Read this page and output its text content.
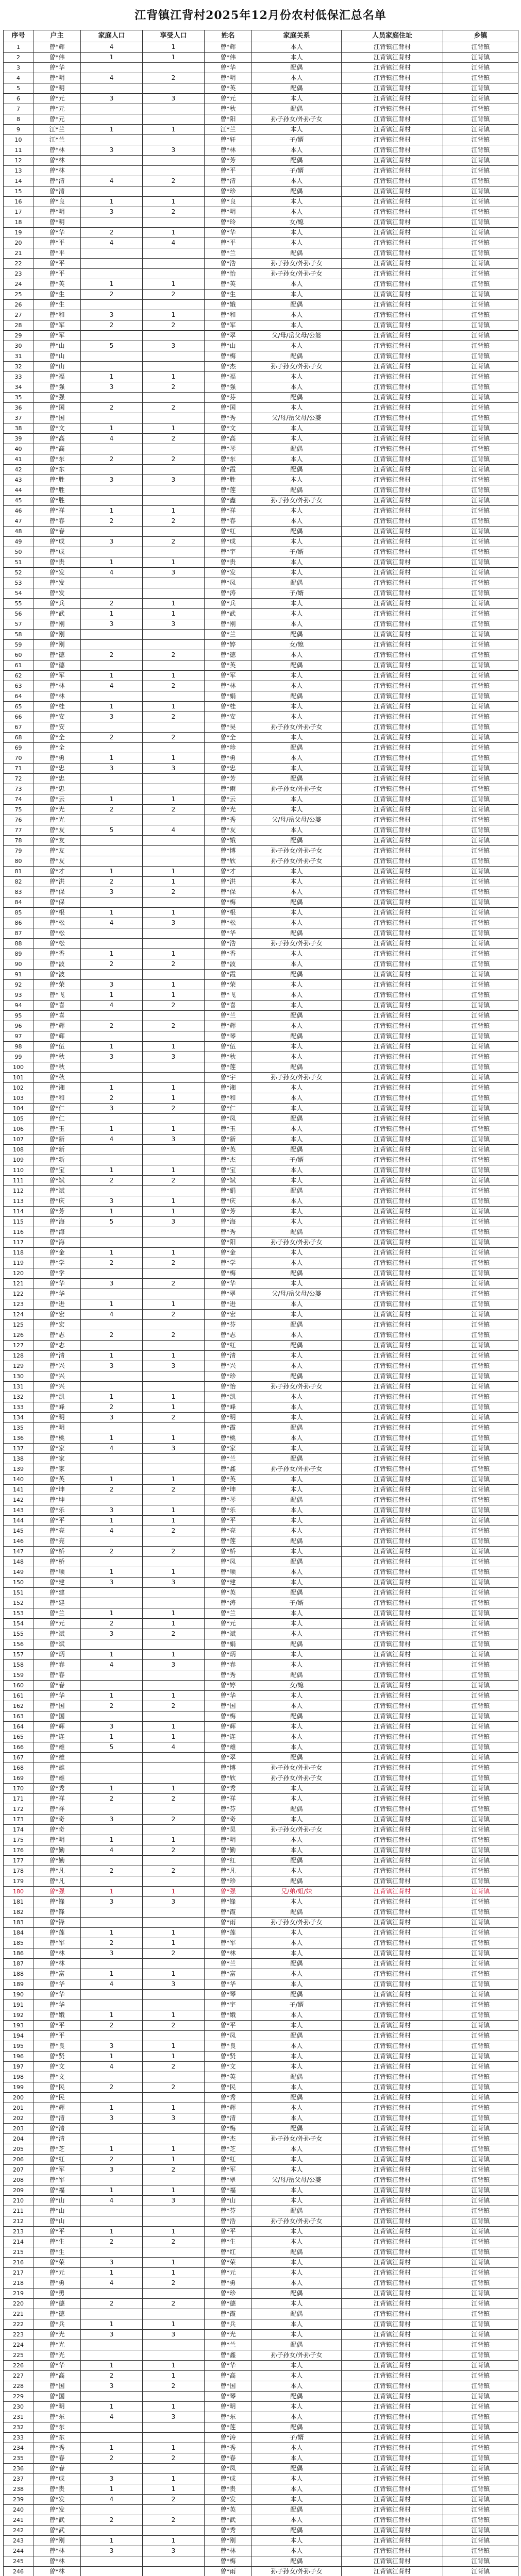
江背镇江背村2025年12月份农村低保汇总名单
序号	户主	家庭人口	享受人口	姓名	家庭关系	人员家庭住址	乡镇
1	曾*辉	4	1	曾*辉	本人	江背镇江背村	江背镇
2	曾*伟	1	1	曾*伟	本人	江背镇江背村	江背镇
3	曾*华			曾*华	配偶	江背镇江背村	江背镇
4	曾*明	4	2	曾*明	本人	江背镇江背村	江背镇
5	曾*明			曾*英	配偶	江背镇江背村	江背镇
6	曾*元	3	3	曾*元	本人	江背镇江背村	江背镇
7	曾*元			曾*秋	配偶	江背镇江背村	江背镇
8	曾*元			曾*阳	孙子孙女/外孙子女	江背镇江背村	江背镇
9	江*兰	1	1	江*兰	本人	江背镇江背村	江背镇
10	江*兰			曾*轩	子/婿	江背镇江背村	江背镇
11	曾*林	3	3	曾*林	本人	江背镇江背村	江背镇
12	曾*林			曾*芳	配偶	江背镇江背村	江背镇
13	曾*林			曾*平	子/婿	江背镇江背村	江背镇
14	曾*清	4	2	曾*清	本人	江背镇江背村	江背镇
15	曾*清			曾*珍	配偶	江背镇江背村	江背镇
16	曾*良	1	1	曾*良	本人	江背镇江背村	江背镇
17	曾*明	3	2	曾*明	本人	江背镇江背村	江背镇
18	曾*明			曾*玲	女/媳	江背镇江背村	江背镇
19	曾*华	2	1	曾*华	本人	江背镇江背村	江背镇
20	曾*平	4	4	曾*平	本人	江背镇江背村	江背镇
21	曾*平			曾*兰	配偶	江背镇江背村	江背镇
22	曾*平			曾*浩	孙子孙女/外孙子女	江背镇江背村	江背镇
23	曾*平			曾*怡	孙子孙女/外孙子女	江背镇江背村	江背镇
24	曾*英	1	1	曾*英	本人	江背镇江背村	江背镇
25	曾*生	2	2	曾*生	本人	江背镇江背村	江背镇
26	曾*生			曾*娥	配偶	江背镇江背村	江背镇
27	曾*和	3	1	曾*和	本人	江背镇江背村	江背镇
28	曾*军	2	2	曾*军	本人	江背镇江背村	江背镇
29	曾*军			曾*翠	父/母/岳父母/公婆	江背镇江背村	江背镇
30	曾*山	5	3	曾*山	本人	江背镇江背村	江背镇
31	曾*山			曾*梅	配偶	江背镇江背村	江背镇
32	曾*山			曾*杰	孙子孙女/外孙子女	江背镇江背村	江背镇
33	曾*福	1	1	曾*福	本人	江背镇江背村	江背镇
34	曾*强	3	2	曾*强	本人	江背镇江背村	江背镇
35	曾*强			曾*芬	配偶	江背镇江背村	江背镇
36	曾*国	2	2	曾*国	本人	江背镇江背村	江背镇
37	曾*国			曾*秀	父/母/岳父母/公婆	江背镇江背村	江背镇
38	曾*文	1	1	曾*文	本人	江背镇江背村	江背镇
39	曾*高	4	2	曾*高	本人	江背镇江背村	江背镇
40	曾*高			曾*琴	配偶	江背镇江背村	江背镇
41	曾*东	2	2	曾*东	本人	江背镇江背村	江背镇
42	曾*东			曾*霞	配偶	江背镇江背村	江背镇
43	曾*胜	3	3	曾*胜	本人	江背镇江背村	江背镇
44	曾*胜			曾*莲	配偶	江背镇江背村	江背镇
45	曾*胜			曾*鑫	孙子孙女/外孙子女	江背镇江背村	江背镇
46	曾*祥	1	1	曾*祥	本人	江背镇江背村	江背镇
47	曾*春	2	2	曾*春	本人	江背镇江背村	江背镇
48	曾*春			曾*红	配偶	江背镇江背村	江背镇
49	曾*成	3	2	曾*成	本人	江背镇江背村	江背镇
50	曾*成			曾*宇	子/婿	江背镇江背村	江背镇
51	曾*贵	1	1	曾*贵	本人	江背镇江背村	江背镇
52	曾*发	4	3	曾*发	本人	江背镇江背村	江背镇
53	曾*发			曾*凤	配偶	江背镇江背村	江背镇
54	曾*发			曾*涛	子/婿	江背镇江背村	江背镇
55	曾*兵	2	1	曾*兵	本人	江背镇江背村	江背镇
56	曾*武	1	1	曾*武	本人	江背镇江背村	江背镇
57	曾*刚	3	3	曾*刚	本人	江背镇江背村	江背镇
58	曾*刚			曾*兰	配偶	江背镇江背村	江背镇
59	曾*刚			曾*婷	女/媳	江背镇江背村	江背镇
60	曾*德	2	2	曾*德	本人	江背镇江背村	江背镇
61	曾*德			曾*英	配偶	江背镇江背村	江背镇
62	曾*军	1	1	曾*军	本人	江背镇江背村	江背镇
63	曾*林	4	2	曾*林	本人	江背镇江背村	江背镇
64	曾*林			曾*娟	配偶	江背镇江背村	江背镇
65	曾*桂	1	1	曾*桂	本人	江背镇江背村	江背镇
66	曾*安	3	2	曾*安	本人	江背镇江背村	江背镇
67	曾*安			曾*昊	孙子孙女/外孙子女	江背镇江背村	江背镇
68	曾*全	2	2	曾*全	本人	江背镇江背村	江背镇
69	曾*全			曾*珍	配偶	江背镇江背村	江背镇
70	曾*勇	1	1	曾*勇	本人	江背镇江背村	江背镇
71	曾*忠	3	3	曾*忠	本人	江背镇江背村	江背镇
72	曾*忠			曾*芳	配偶	江背镇江背村	江背镇
73	曾*忠			曾*雨	孙子孙女/外孙子女	江背镇江背村	江背镇
74	曾*云	1	1	曾*云	本人	江背镇江背村	江背镇
75	曾*光	2	2	曾*光	本人	江背镇江背村	江背镇
76	曾*光			曾*秀	父/母/岳父母/公婆	江背镇江背村	江背镇
77	曾*友	5	4	曾*友	本人	江背镇江背村	江背镇
78	曾*友			曾*娥	配偶	江背镇江背村	江背镇
79	曾*友			曾*博	孙子孙女/外孙子女	江背镇江背村	江背镇
80	曾*友			曾*欣	孙子孙女/外孙子女	江背镇江背村	江背镇
81	曾*才	1	1	曾*才	本人	江背镇江背村	江背镇
82	曾*洪	2	1	曾*洪	本人	江背镇江背村	江背镇
83	曾*保	3	2	曾*保	本人	江背镇江背村	江背镇
84	曾*保			曾*梅	配偶	江背镇江背村	江背镇
85	曾*根	1	1	曾*根	本人	江背镇江背村	江背镇
86	曾*松	4	3	曾*松	本人	江背镇江背村	江背镇
87	曾*松			曾*华	配偶	江背镇江背村	江背镇
88	曾*松			曾*浩	孙子孙女/外孙子女	江背镇江背村	江背镇
89	曾*香	1	1	曾*香	本人	江背镇江背村	江背镇
90	曾*波	2	2	曾*波	本人	江背镇江背村	江背镇
91	曾*波			曾*霞	配偶	江背镇江背村	江背镇
92	曾*荣	3	1	曾*荣	本人	江背镇江背村	江背镇
93	曾*飞	1	1	曾*飞	本人	江背镇江背村	江背镇
94	曾*喜	4	2	曾*喜	本人	江背镇江背村	江背镇
95	曾*喜			曾*兰	配偶	江背镇江背村	江背镇
96	曾*辉	2	2	曾*辉	本人	江背镇江背村	江背镇
97	曾*辉			曾*琴	配偶	江背镇江背村	江背镇
98	曾*伍	1	1	曾*伍	本人	江背镇江背村	江背镇
99	曾*秋	3	3	曾*秋	本人	江背镇江背村	江背镇
100	曾*秋			曾*莲	配偶	江背镇江背村	江背镇
101	曾*秋			曾*宇	孙子孙女/外孙子女	江背镇江背村	江背镇
102	曾*湘	1	1	曾*湘	本人	江背镇江背村	江背镇
103	曾*和	2	1	曾*和	本人	江背镇江背村	江背镇
104	曾*仁	3	2	曾*仁	本人	江背镇江背村	江背镇
105	曾*仁			曾*凤	配偶	江背镇江背村	江背镇
106	曾*玉	1	1	曾*玉	本人	江背镇江背村	江背镇
107	曾*新	4	3	曾*新	本人	江背镇江背村	江背镇
108	曾*新			曾*英	配偶	江背镇江背村	江背镇
109	曾*新			曾*杰	子/婿	江背镇江背村	江背镇
110	曾*宝	1	1	曾*宝	本人	江背镇江背村	江背镇
111	曾*斌	2	2	曾*斌	本人	江背镇江背村	江背镇
112	曾*斌			曾*娟	配偶	江背镇江背村	江背镇
113	曾*庆	3	1	曾*庆	本人	江背镇江背村	江背镇
114	曾*芳	1	1	曾*芳	本人	江背镇江背村	江背镇
115	曾*海	5	3	曾*海	本人	江背镇江背村	江背镇
116	曾*海			曾*秀	配偶	江背镇江背村	江背镇
117	曾*海			曾*阳	孙子孙女/外孙子女	江背镇江背村	江背镇
118	曾*金	1	1	曾*金	本人	江背镇江背村	江背镇
119	曾*学	2	2	曾*学	本人	江背镇江背村	江背镇
120	曾*学			曾*梅	配偶	江背镇江背村	江背镇
121	曾*华	3	2	曾*华	本人	江背镇江背村	江背镇
122	曾*华			曾*翠	父/母/岳父母/公婆	江背镇江背村	江背镇
123	曾*进	1	1	曾*进	本人	江背镇江背村	江背镇
124	曾*宏	4	2	曾*宏	本人	江背镇江背村	江背镇
125	曾*宏			曾*芬	配偶	江背镇江背村	江背镇
126	曾*志	2	2	曾*志	本人	江背镇江背村	江背镇
127	曾*志			曾*红	配偶	江背镇江背村	江背镇
128	曾*清	1	1	曾*清	本人	江背镇江背村	江背镇
129	曾*兴	3	3	曾*兴	本人	江背镇江背村	江背镇
130	曾*兴			曾*珍	配偶	江背镇江背村	江背镇
131	曾*兴			曾*怡	孙子孙女/外孙子女	江背镇江背村	江背镇
132	曾*凯	1	1	曾*凯	本人	江背镇江背村	江背镇
133	曾*峰	2	1	曾*峰	本人	江背镇江背村	江背镇
134	曾*明	3	2	曾*明	本人	江背镇江背村	江背镇
135	曾*明			曾*霞	配偶	江背镇江背村	江背镇
136	曾*桃	1	1	曾*桃	本人	江背镇江背村	江背镇
137	曾*家	4	3	曾*家	本人	江背镇江背村	江背镇
138	曾*家			曾*兰	配偶	江背镇江背村	江背镇
139	曾*家			曾*鑫	孙子孙女/外孙子女	江背镇江背村	江背镇
140	曾*英	1	1	曾*英	本人	江背镇江背村	江背镇
141	曾*坤	2	2	曾*坤	本人	江背镇江背村	江背镇
142	曾*坤			曾*琴	配偶	江背镇江背村	江背镇
143	曾*乐	3	1	曾*乐	本人	江背镇江背村	江背镇
144	曾*平	1	1	曾*平	本人	江背镇江背村	江背镇
145	曾*亮	4	2	曾*亮	本人	江背镇江背村	江背镇
146	曾*亮			曾*莲	配偶	江背镇江背村	江背镇
147	曾*桥	2	2	曾*桥	本人	江背镇江背村	江背镇
148	曾*桥			曾*凤	配偶	江背镇江背村	江背镇
149	曾*顺	1	1	曾*顺	本人	江背镇江背村	江背镇
150	曾*建	3	3	曾*建	本人	江背镇江背村	江背镇
151	曾*建			曾*英	配偶	江背镇江背村	江背镇
152	曾*建			曾*涛	子/婿	江背镇江背村	江背镇
153	曾*兰	1	1	曾*兰	本人	江背镇江背村	江背镇
154	曾*元	2	1	曾*元	本人	江背镇江背村	江背镇
155	曾*斌	3	2	曾*斌	本人	江背镇江背村	江背镇
156	曾*斌			曾*娟	配偶	江背镇江背村	江背镇
157	曾*炳	1	1	曾*炳	本人	江背镇江背村	江背镇
158	曾*春	4	3	曾*春	本人	江背镇江背村	江背镇
159	曾*春			曾*秀	配偶	江背镇江背村	江背镇
160	曾*春			曾*婷	女/媳	江背镇江背村	江背镇
161	曾*华	1	1	曾*华	本人	江背镇江背村	江背镇
162	曾*国	2	2	曾*国	本人	江背镇江背村	江背镇
163	曾*国			曾*梅	配偶	江背镇江背村	江背镇
164	曾*辉	3	1	曾*辉	本人	江背镇江背村	江背镇
165	曾*连	1	1	曾*连	本人	江背镇江背村	江背镇
166	曾*雄	5	4	曾*雄	本人	江背镇江背村	江背镇
167	曾*雄			曾*翠	配偶	江背镇江背村	江背镇
168	曾*雄			曾*博	孙子孙女/外孙子女	江背镇江背村	江背镇
169	曾*雄			曾*欣	孙子孙女/外孙子女	江背镇江背村	江背镇
170	曾*秀	1	1	曾*秀	本人	江背镇江背村	江背镇
171	曾*祥	2	2	曾*祥	本人	江背镇江背村	江背镇
172	曾*祥			曾*芬	配偶	江背镇江背村	江背镇
173	曾*奇	3	2	曾*奇	本人	江背镇江背村	江背镇
174	曾*奇			曾*昊	孙子孙女/外孙子女	江背镇江背村	江背镇
175	曾*明	1	1	曾*明	本人	江背镇江背村	江背镇
176	曾*勤	4	2	曾*勤	本人	江背镇江背村	江背镇
177	曾*勤			曾*红	配偶	江背镇江背村	江背镇
178	曾*凡	2	2	曾*凡	本人	江背镇江背村	江背镇
179	曾*凡			曾*珍	配偶	江背镇江背村	江背镇
180	曾*强	1	1	曾*强	兄/弟/姐/妹	江背镇江背村	江背镇
181	曾*锋	3	3	曾*锋	本人	江背镇江背村	江背镇
182	曾*锋			曾*霞	配偶	江背镇江背村	江背镇
183	曾*锋			曾*雨	孙子孙女/外孙子女	江背镇江背村	江背镇
184	曾*莲	1	1	曾*莲	本人	江背镇江背村	江背镇
185	曾*军	2	1	曾*军	本人	江背镇江背村	江背镇
186	曾*林	3	2	曾*林	本人	江背镇江背村	江背镇
187	曾*林			曾*兰	配偶	江背镇江背村	江背镇
188	曾*富	1	1	曾*富	本人	江背镇江背村	江背镇
189	曾*华	4	3	曾*华	本人	江背镇江背村	江背镇
190	曾*华			曾*琴	配偶	江背镇江背村	江背镇
191	曾*华			曾*宇	子/婿	江背镇江背村	江背镇
192	曾*娥	1	1	曾*娥	本人	江背镇江背村	江背镇
193	曾*平	2	2	曾*平	本人	江背镇江背村	江背镇
194	曾*平			曾*凤	配偶	江背镇江背村	江背镇
195	曾*良	3	1	曾*良	本人	江背镇江背村	江背镇
196	曾*贤	1	1	曾*贤	本人	江背镇江背村	江背镇
197	曾*文	4	2	曾*文	本人	江背镇江背村	江背镇
198	曾*文			曾*英	配偶	江背镇江背村	江背镇
199	曾*民	2	2	曾*民	本人	江背镇江背村	江背镇
200	曾*民			曾*秀	配偶	江背镇江背村	江背镇
201	曾*辉	1	1	曾*辉	本人	江背镇江背村	江背镇
202	曾*清	3	3	曾*清	本人	江背镇江背村	江背镇
203	曾*清			曾*梅	配偶	江背镇江背村	江背镇
204	曾*清			曾*杰	孙子孙女/外孙子女	江背镇江背村	江背镇
205	曾*芝	1	1	曾*芝	本人	江背镇江背村	江背镇
206	曾*红	2	1	曾*红	本人	江背镇江背村	江背镇
207	曾*军	3	2	曾*军	本人	江背镇江背村	江背镇
208	曾*军			曾*翠	父/母/岳父母/公婆	江背镇江背村	江背镇
209	曾*福	1	1	曾*福	本人	江背镇江背村	江背镇
210	曾*山	4	3	曾*山	本人	江背镇江背村	江背镇
211	曾*山			曾*芬	配偶	江背镇江背村	江背镇
212	曾*山			曾*浩	孙子孙女/外孙子女	江背镇江背村	江背镇
213	曾*平	1	1	曾*平	本人	江背镇江背村	江背镇
214	曾*生	2	2	曾*生	本人	江背镇江背村	江背镇
215	曾*生			曾*红	配偶	江背镇江背村	江背镇
216	曾*荣	3	1	曾*荣	本人	江背镇江背村	江背镇
217	曾*元	1	1	曾*元	本人	江背镇江背村	江背镇
218	曾*勇	4	2	曾*勇	本人	江背镇江背村	江背镇
219	曾*勇			曾*珍	配偶	江背镇江背村	江背镇
220	曾*德	2	2	曾*德	本人	江背镇江背村	江背镇
221	曾*德			曾*霞	配偶	江背镇江背村	江背镇
222	曾*兵	1	1	曾*兵	本人	江背镇江背村	江背镇
223	曾*光	3	3	曾*光	本人	江背镇江背村	江背镇
224	曾*光			曾*兰	配偶	江背镇江背村	江背镇
225	曾*光			曾*鑫	孙子孙女/外孙子女	江背镇江背村	江背镇
226	曾*华	1	1	曾*华	本人	江背镇江背村	江背镇
227	曾*高	2	1	曾*高	本人	江背镇江背村	江背镇
228	曾*国	3	2	曾*国	本人	江背镇江背村	江背镇
229	曾*国			曾*琴	配偶	江背镇江背村	江背镇
230	曾*明	1	1	曾*明	本人	江背镇江背村	江背镇
231	曾*东	4	3	曾*东	本人	江背镇江背村	江背镇
232	曾*东			曾*莲	配偶	江背镇江背村	江背镇
233	曾*东			曾*涛	子/婿	江背镇江背村	江背镇
234	曾*秀	1	1	曾*秀	本人	江背镇江背村	江背镇
235	曾*春	2	2	曾*春	本人	江背镇江背村	江背镇
236	曾*春			曾*凤	配偶	江背镇江背村	江背镇
237	曾*成	3	1	曾*成	本人	江背镇江背村	江背镇
238	曾*贵	1	1	曾*贵	本人	江背镇江背村	江背镇
239	曾*发	4	2	曾*发	本人	江背镇江背村	江背镇
240	曾*发			曾*英	配偶	江背镇江背村	江背镇
241	曾*武	2	2	曾*武	本人	江背镇江背村	江背镇
242	曾*武			曾*秀	配偶	江背镇江背村	江背镇
243	曾*刚	1	1	曾*刚	本人	江背镇江背村	江背镇
244	曾*林	3	3	曾*林	本人	江背镇江背村	江背镇
245	曾*林			曾*梅	配偶	江背镇江背村	江背镇
246	曾*林			曾*雨	孙子孙女/外孙子女	江背镇江背村	江背镇
